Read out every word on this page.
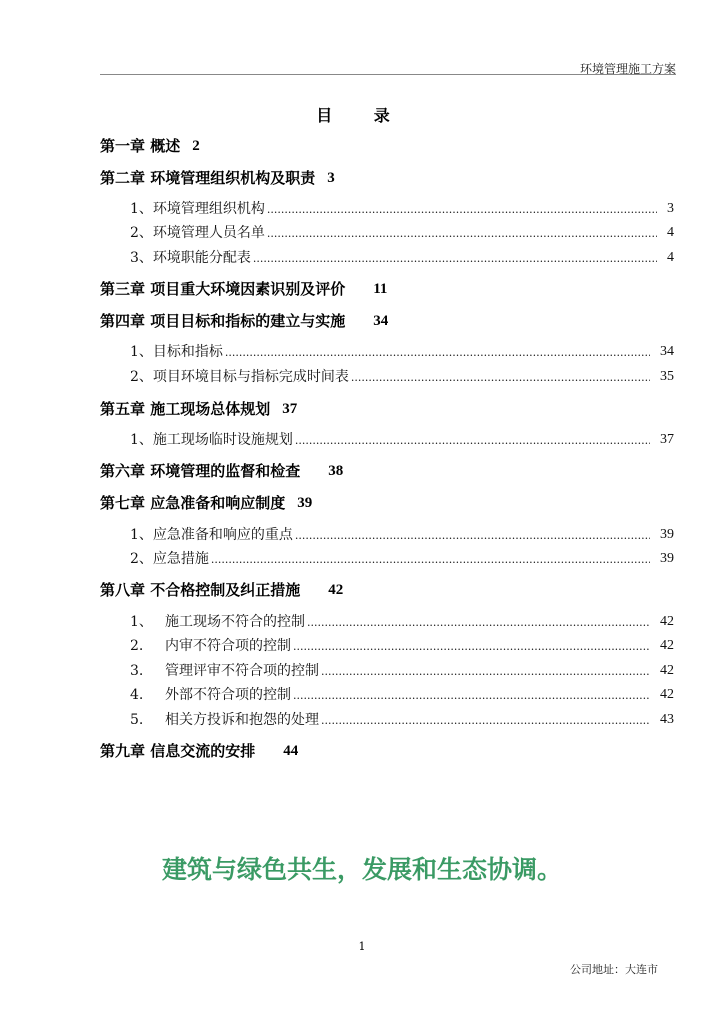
环境管理施工方案
目 录
第一章 概述 2
第二章 环境管理组织机构及职责 3
1、 环境管理组织机构 .....	3
2、 环境管理人员名单 .....	4
3、 环境职能分配表 .....	4
第三章 项目重大环境因素识别及评价 11
第四章 项目目标和指标的建立与实施 34
1、 目标和指标 .....	34
2、 项目环境目标与指标完成时间表 .....	35
第五章 施工现场总体规划 37
1、 施工现场临时设施规划 .....	37
第六章 环境管理的监督和检查 38
第七章 应急准备和响应制度 39
1、 应急准备和响应的重点 .....	39
2、 应急措施 .....	39
第八章 不合格控制及纠正措施 42
1、 施工现场不符合的控制 .....	42
2.	内审不符合项的控制 .....	42
3.	管理评审不符合项的控制 .....	42
4.	外部不符合项的控制 .....	42
5.	相关方投诉和抱怨的处理 .....	43
第九章 信息交流的安排 44
建筑与绿色共生，发展和生态协调。
1
公司地址：大连市
